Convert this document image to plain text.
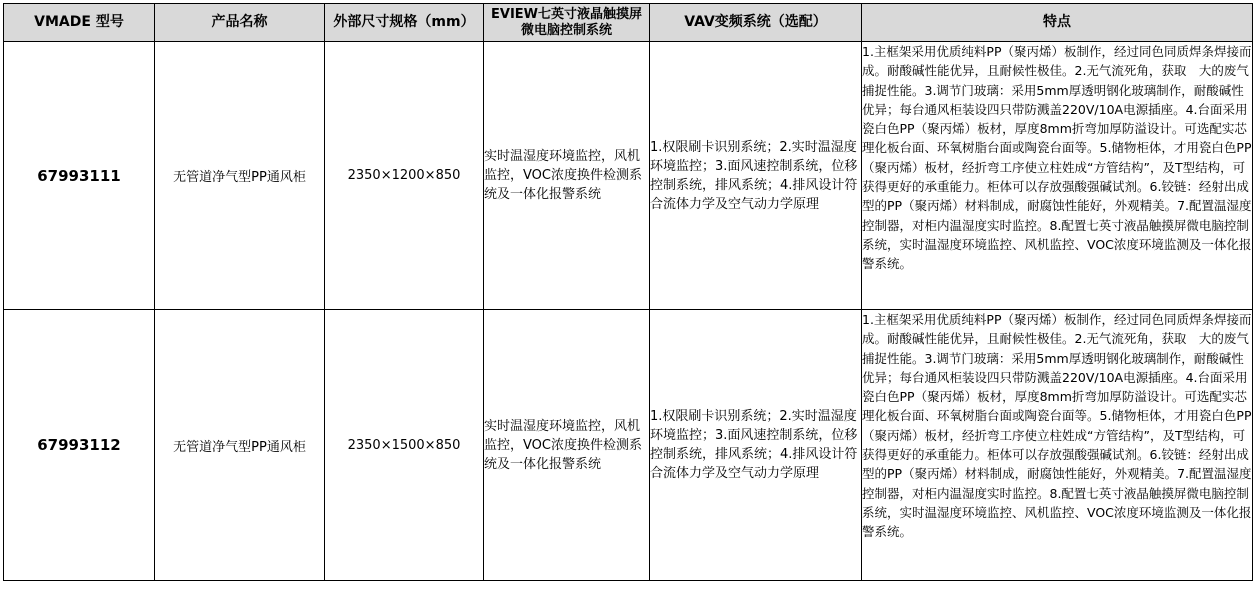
VMADE 型号	产品名称	外部尺寸规格（mm）	EVIEW七英寸液晶触摸屏微电脑控制系统	VAV变频系统（选配）	特点
67993111	无管道净气型PP通风柜	2350×1200×850	实时温湿度环境监控，风机监控，VOC浓度换件检测系统及一体化报警系统	1.权限刷卡识别系统；2.实时温湿度环境监控；3.面风速控制系统，位移控制系统，排风系统；4.排风设计符合流体力学及空气动力学原理	1.主框架采用优质纯料PP（聚丙烯）板制作，经过同色同质焊条焊接而成。耐酸碱性能优异，且耐候性极佳。2.无气流死角，获取　大的废气捕捉性能。3.调节门玻璃：采用5mm厚透明钢化玻璃制作，耐酸碱性优异；每台通风柜装设四只带防溅盖220V/10A电源插座。4.台面采用瓷白色PP（聚丙烯）板材，厚度8mm折弯加厚防溢设计。可选配实芯理化板台面、环氧树脂台面或陶瓷台面等。5.储物柜体，才用瓷白色PP（聚丙烯）板材，经折弯工序使立柱姓成“方管结构”，及T型结构，可获得更好的承重能力。柜体可以存放强酸强碱试剂。6.铰链：经射出成型的PP（聚丙烯）材料制成，耐腐蚀性能好，外观精美。7.配置温湿度控制器，对柜内温湿度实时监控。8.配置七英寸液晶触摸屏微电脑控制系统，实时温湿度环境监控、风机监控、VOC浓度环境监测及一体化报警系统。
67993112	无管道净气型PP通风柜	2350×1500×850	实时温湿度环境监控，风机监控，VOC浓度换件检测系统及一体化报警系统	1.权限刷卡识别系统；2.实时温湿度环境监控；3.面风速控制系统，位移控制系统，排风系统；4.排风设计符合流体力学及空气动力学原理	1.主框架采用优质纯料PP（聚丙烯）板制作，经过同色同质焊条焊接而成。耐酸碱性能优异，且耐候性极佳。2.无气流死角，获取　大的废气捕捉性能。3.调节门玻璃：采用5mm厚透明钢化玻璃制作，耐酸碱性优异；每台通风柜装设四只带防溅盖220V/10A电源插座。4.台面采用瓷白色PP（聚丙烯）板材，厚度8mm折弯加厚防溢设计。可选配实芯理化板台面、环氧树脂台面或陶瓷台面等。5.储物柜体，才用瓷白色PP（聚丙烯）板材，经折弯工序使立柱姓成“方管结构”，及T型结构，可获得更好的承重能力。柜体可以存放强酸强碱试剂。6.铰链：经射出成型的PP（聚丙烯）材料制成，耐腐蚀性能好，外观精美。7.配置温湿度控制器，对柜内温湿度实时监控。8.配置七英寸液晶触摸屏微电脑控制系统，实时温湿度环境监控、风机监控、VOC浓度环境监测及一体化报警系统。
